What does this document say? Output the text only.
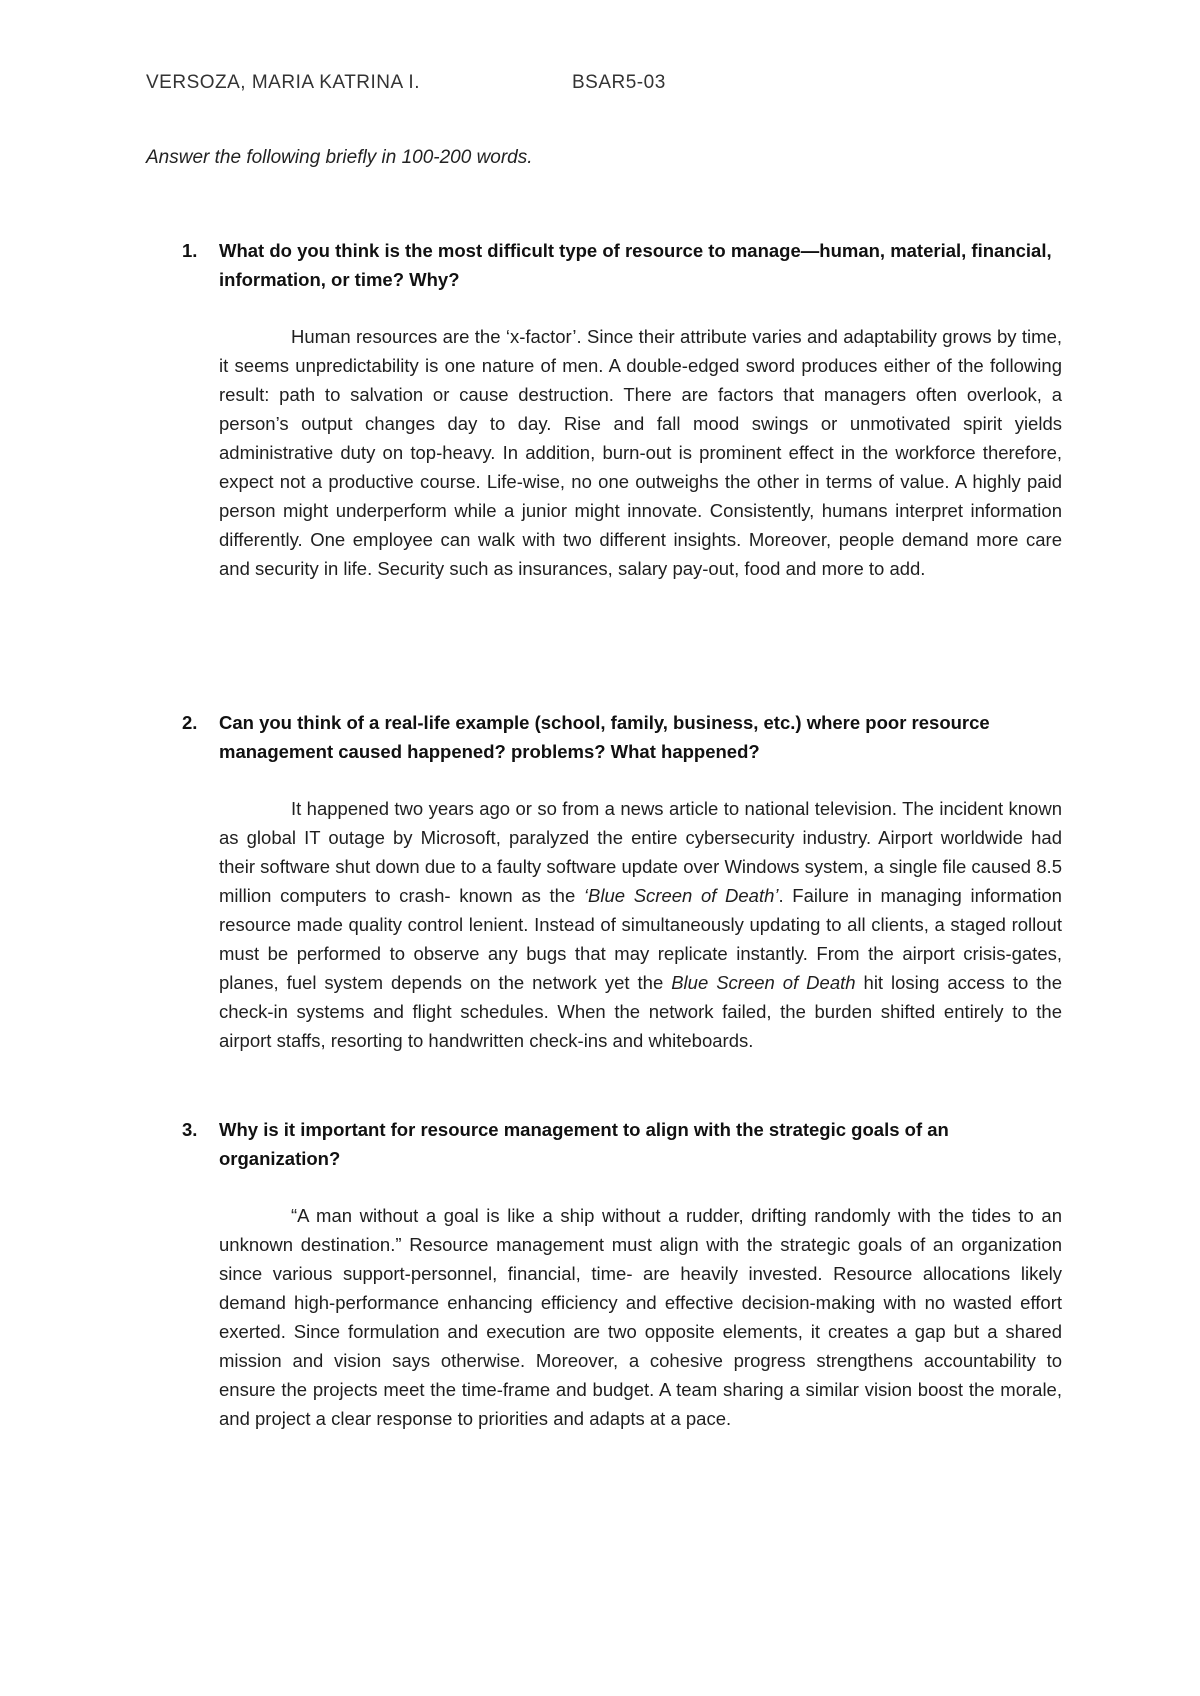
VERSOZA, MARIA KATRINA I.	BSAR5-03
Answer the following briefly in 100-200 words.
1.	What do you think is the most difficult type of resource to manage—human, material, financial, information, or time? Why?

Human resources are the ‘x-factor’. Since their attribute varies and adaptability grows by time, it seems unpredictability is one nature of men. A double-edged sword produces either of the following result: path to salvation or cause destruction. There are factors that managers often overlook, a person’s output changes day to day. Rise and fall mood swings or unmotivated spirit yields administrative duty on top-heavy. In addition, burn-out is prominent effect in the workforce therefore, expect not a productive course. Life-wise, no one outweighs the other in terms of value. A highly paid person might underperform while a junior might innovate. Consistently, humans interpret information differently. One employee can walk with two different insights. Moreover, people demand more care and security in life. Security such as insurances, salary pay-out, food and more to add.

2.	Can you think of a real-life example (school, family, business, etc.) where poor resource management caused happened? problems? What happened?

It happened two years ago or so from a news article to national television. The incident known as global IT outage by Microsoft, paralyzed the entire cybersecurity industry. Airport worldwide had their software shut down due to a faulty software update over Windows system, a single file caused 8.5 million computers to crash- known as the ‘Blue Screen of Death’. Failure in managing information resource made quality control lenient. Instead of simultaneously updating to all clients, a staged rollout must be performed to observe any bugs that may replicate instantly. From the airport crisis-gates, planes, fuel system depends on the network yet the Blue Screen of Death hit losing access to the check-in systems and flight schedules. When the network failed, the burden shifted entirely to the airport staffs, resorting to handwritten check-ins and whiteboards.

3.	Why is it important for resource management to align with the strategic goals of an organization?

“A man without a goal is like a ship without a rudder, drifting randomly with the tides to an unknown destination.” Resource management must align with the strategic goals of an organization since various support-personnel, financial, time- are heavily invested. Resource allocations likely demand high-performance enhancing efficiency and effective decision-making with no wasted effort exerted. Since formulation and execution are two opposite elements, it creates a gap but a shared mission and vision says otherwise. Moreover, a cohesive progress strengthens accountability to ensure the projects meet the time-frame and budget. A team sharing a similar vision boost the morale, and project a clear response to priorities and adapts at a pace.
